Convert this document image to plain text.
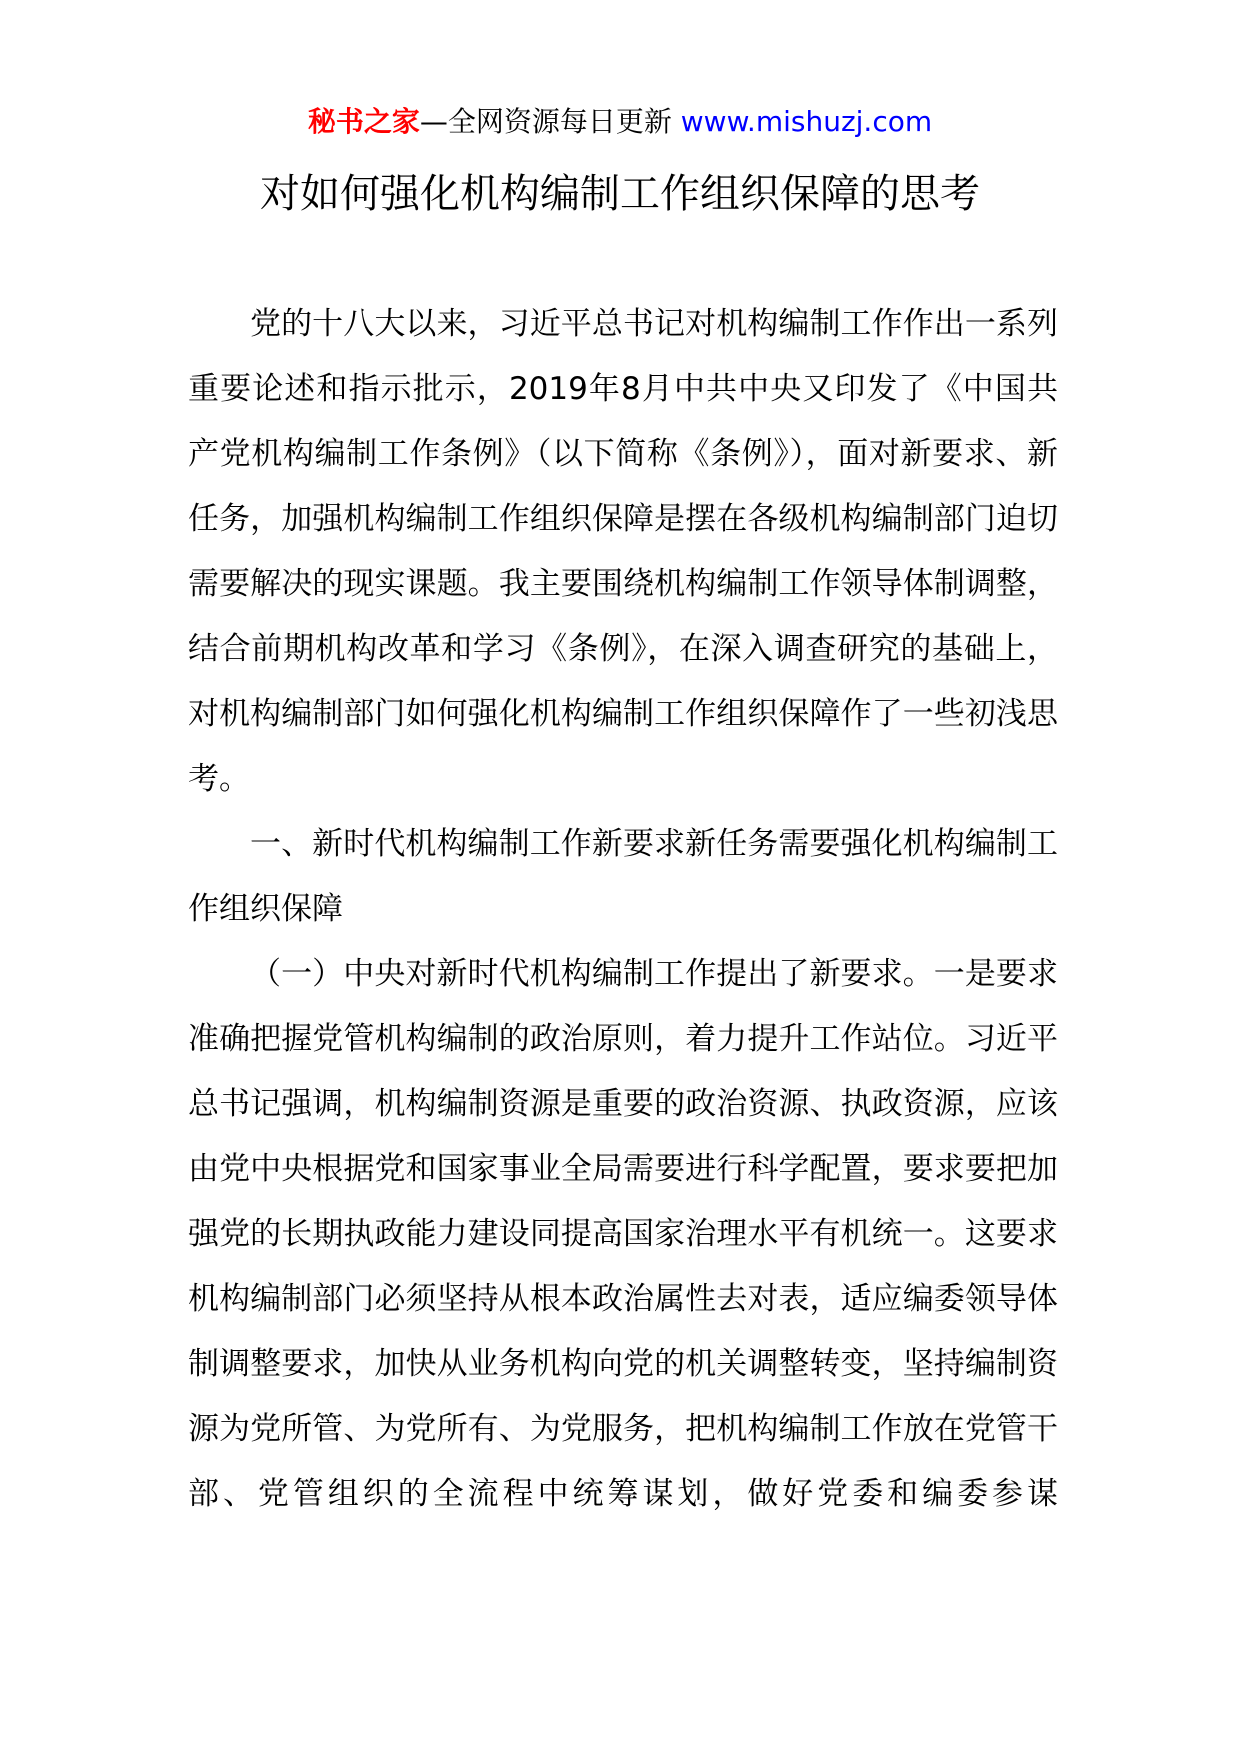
秘书之家—全网资源每日更新 www.mishuzj.com
对如何强化机构编制工作组织保障的思考

党的十八大以来，习近平总书记对机构编制工作作出一系列重要论述和指示批示，2019年8月中共中央又印发了《中国共产党机构编制工作条例》（以下简称《条例》），面对新要求、新任务，加强机构编制工作组织保障是摆在各级机构编制部门迫切需要解决的现实课题。我主要围绕机构编制工作领导体制调整，结合前期机构改革和学习《条例》，在深入调查研究的基础上，对机构编制部门如何强化机构编制工作组织保障作了一些初浅思考。

一、新时代机构编制工作新要求新任务需要强化机构编制工作组织保障

（一）中央对新时代机构编制工作提出了新要求。一是要求准确把握党管机构编制的政治原则，着力提升工作站位。习近平总书记强调，机构编制资源是重要的政治资源、执政资源，应该由党中央根据党和国家事业全局需要进行科学配置，要求要把加强党的长期执政能力建设同提高国家治理水平有机统一。这要求机构编制部门必须坚持从根本政治属性去对表，适应编委领导体制调整要求，加快从业务机构向党的机关调整转变，坚持编制资源为党所管、为党所有、为党服务，把机构编制工作放在党管干部、党管组织的全流程中统筹谋划，做好党委和编委参谋
